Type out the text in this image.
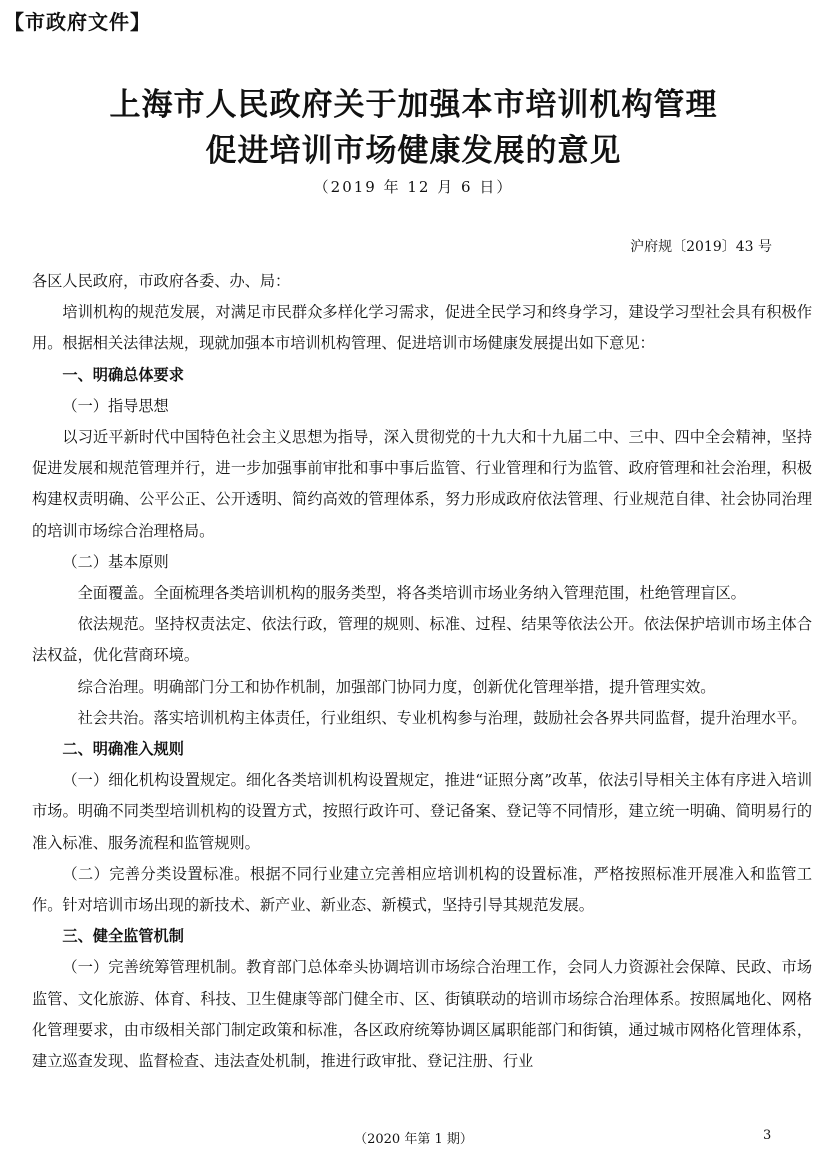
【市政府文件】
上海市人民政府关于加强本市培训机构管理
促进培训市场健康发展的意见
（2019 年 12 月 6 日）
沪府规〔2019〕43 号

各区人民政府，市政府各委、办、局：

培训机构的规范发展，对满足市民群众多样化学习需求，促进全民学习和终身学习，建设学习型社会具有积极作用。根据相关法律法规，现就加强本市培训机构管理、促进培训市场健康发展提出如下意见：

一、明确总体要求

（一）指导思想

以习近平新时代中国特色社会主义思想为指导，深入贯彻党的十九大和十九届二中、三中、四中全会精神，坚持促进发展和规范管理并行，进一步加强事前审批和事中事后监管、行业管理和行为监管、政府管理和社会治理，积极构建权责明确、公平公正、公开透明、简约高效的管理体系，努力形成政府依法管理、行业规范自律、社会协同治理的培训市场综合治理格局。

（二）基本原则

全面覆盖。全面梳理各类培训机构的服务类型，将各类培训市场业务纳入管理范围，杜绝管理盲区。

依法规范。坚持权责法定、依法行政，管理的规则、标准、过程、结果等依法公开。依法保护培训市场主体合法权益，优化营商环境。

综合治理。明确部门分工和协作机制，加强部门协同力度，创新优化管理举措，提升管理实效。

社会共治。落实培训机构主体责任，行业组织、专业机构参与治理，鼓励社会各界共同监督，提升治理水平。

二、明确准入规则

（一）细化机构设置规定。细化各类培训机构设置规定，推进“证照分离”改革，依法引导相关主体有序进入培训市场。明确不同类型培训机构的设置方式，按照行政许可、登记备案、登记等不同情形，建立统一明确、简明易行的准入标准、服务流程和监管规则。

（二）完善分类设置标准。根据不同行业建立完善相应培训机构的设置标准，严格按照标准开展准入和监管工作。针对培训市场出现的新技术、新产业、新业态、新模式，坚持引导其规范发展。

三、健全监管机制

（一）完善统筹管理机制。教育部门总体牵头协调培训市场综合治理工作，会同人力资源社会保障、民政、市场监管、文化旅游、体育、科技、卫生健康等部门健全市、区、街镇联动的培训市场综合治理体系。按照属地化、网格化管理要求，由市级相关部门制定政策和标准，各区政府统筹协调区属职能部门和街镇，通过城市网格化管理体系，建立巡查发现、监督检查、违法查处机制，推进行政审批、登记注册、行业

（2020 年第 1 期）	3
